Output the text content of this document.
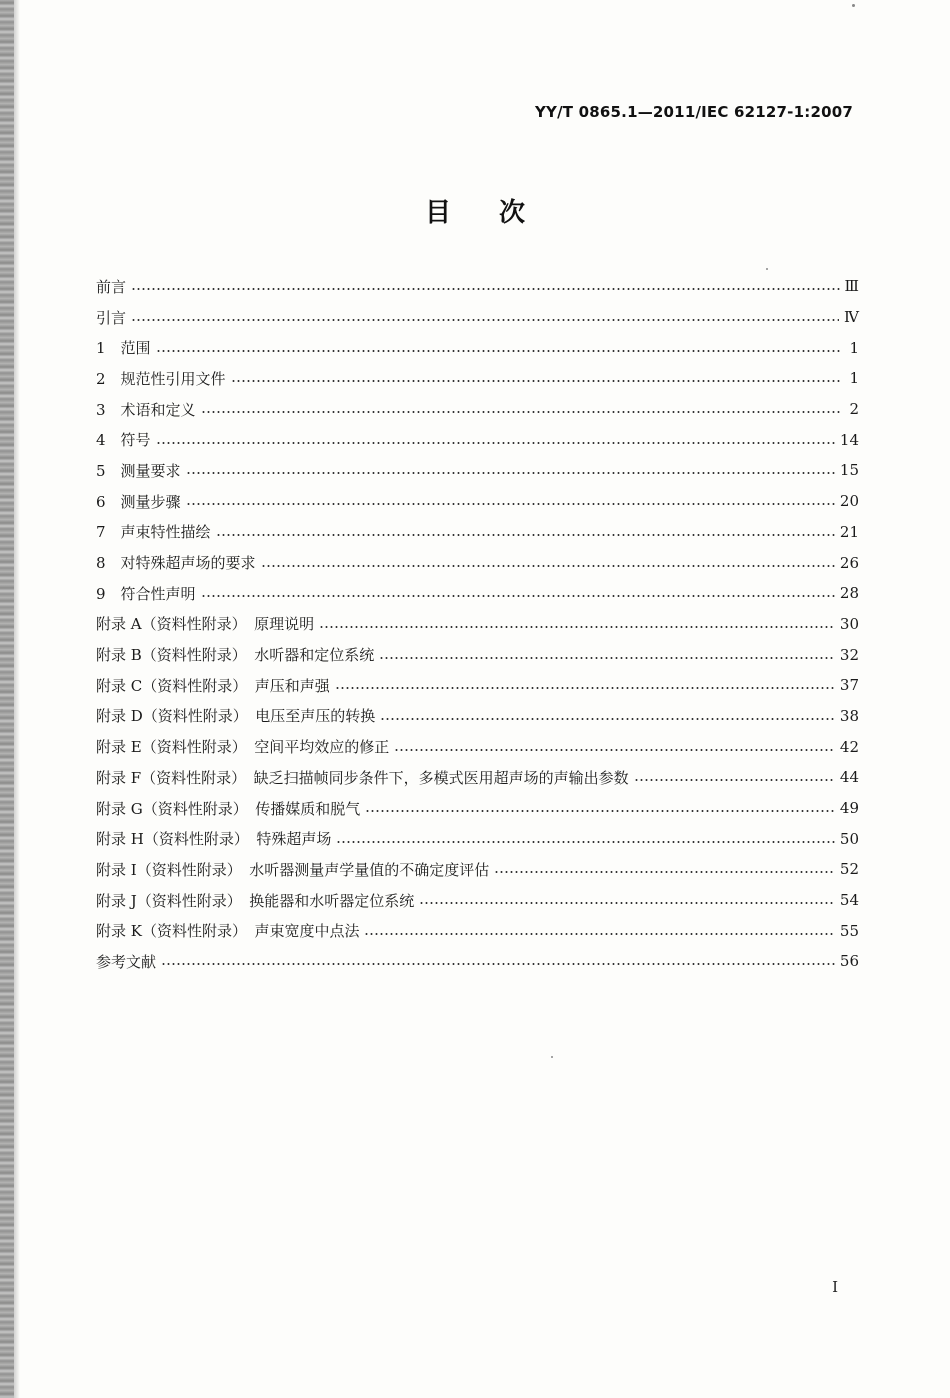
YY/T 0865.1—2011/IEC 62127-1:2007
目 次
前言	Ⅲ
引言	Ⅳ
1　范围	1
2　规范性引用文件	1
3　术语和定义	2
4　符号	14
5　测量要求	15
6　测量步骤	20
7　声束特性描绘	21
8　对特殊超声场的要求	26
9　符合性声明	28
附录 A（资料性附录）　原理说明	30
附录 B（资料性附录）　水听器和定位系统	32
附录 C（资料性附录）　声压和声强	37
附录 D（资料性附录）　电压至声压的转换	38
附录 E（资料性附录）　空间平均效应的修正	42
附录 F（资料性附录）　缺乏扫描帧同步条件下，多模式医用超声场的声输出参数	44
附录 G（资料性附录）　传播媒质和脱气	49
附录 H（资料性附录）　特殊超声场	50
附录 I（资料性附录）　水听器测量声学量值的不确定度评估	52
附录 J（资料性附录）　换能器和水听器定位系统	54
附录 K（资料性附录）　声束宽度中点法	55
参考文献	56
Ⅰ
